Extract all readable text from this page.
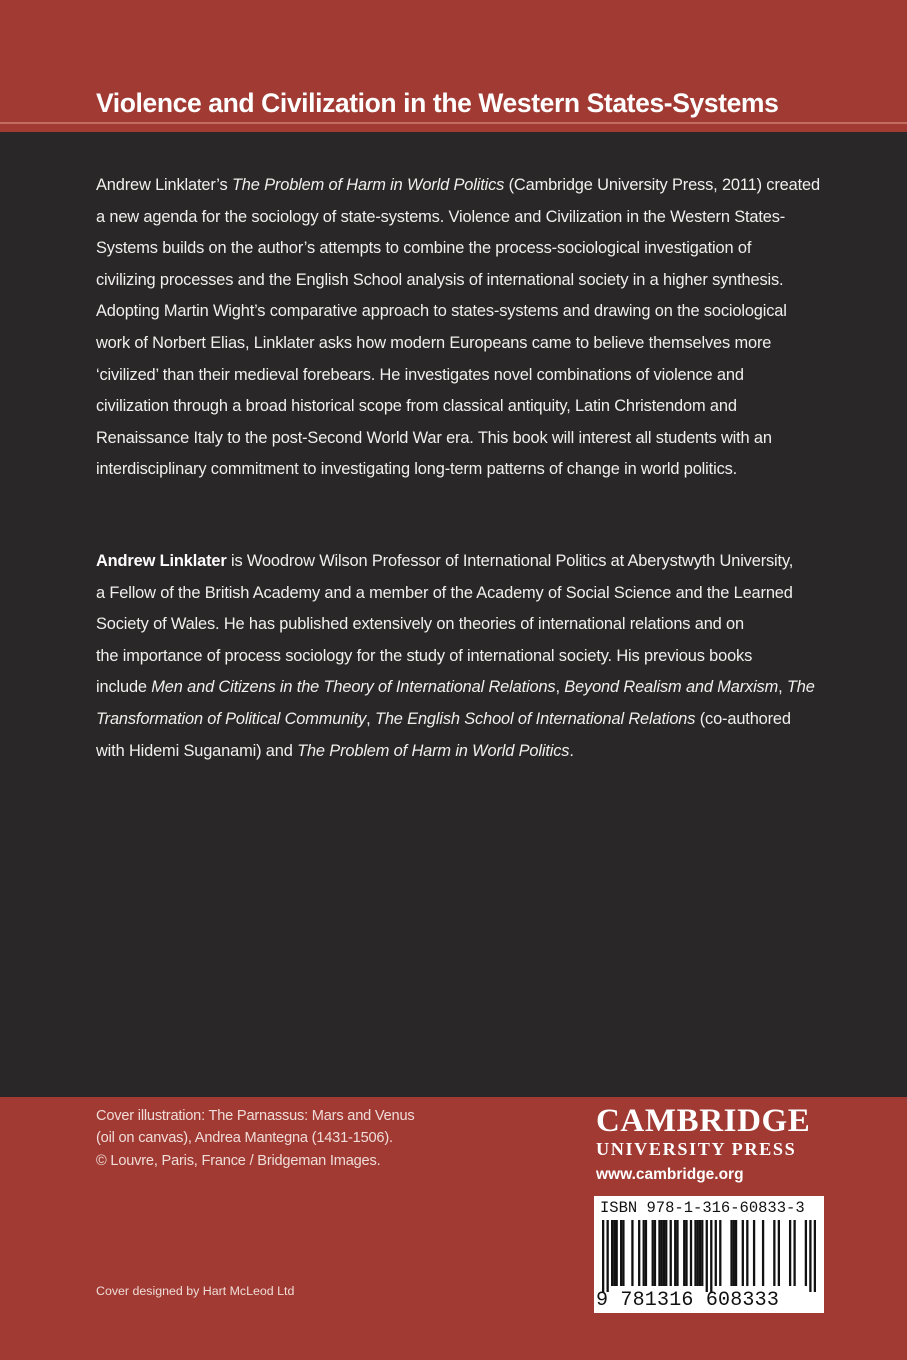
Violence and Civilization in the Western States-Systems
Andrew Linklater’s The Problem of Harm in World Politics (Cambridge University Press, 2011) created
a new agenda for the sociology of state-systems. Violence and Civilization in the Western States-
Systems builds on the author’s attempts to combine the process-sociological investigation of
civilizing processes and the English School analysis of international society in a higher synthesis.
Adopting Martin Wight’s comparative approach to states-systems and drawing on the sociological
work of Norbert Elias, Linklater asks how modern Europeans came to believe themselves more
‘civilized’ than their medieval forebears. He investigates novel combinations of violence and
civilization through a broad historical scope from classical antiquity, Latin Christendom and
Renaissance Italy to the post-Second World War era. This book will interest all students with an
interdisciplinary commitment to investigating long-term patterns of change in world politics.
Andrew Linklater is Woodrow Wilson Professor of International Politics at Aberystwyth University,
a Fellow of the British Academy and a member of the Academy of Social Science and the Learned
Society of Wales. He has published extensively on theories of international relations and on
the importance of process sociology for the study of international society. His previous books
include Men and Citizens in the Theory of International Relations, Beyond Realism and Marxism, The
Transformation of Political Community, The English School of International Relations (co-authored
with Hidemi Suganami) and The Problem of Harm in World Politics.
Cover illustration: The Parnassus: Mars and Venus
(oil on canvas), Andrea Mantegna (1431-1506).
© Louvre, Paris, France / Bridgeman Images.
Cover designed by Hart McLeod Ltd
CAMBRIDGE
UNIVERSITY PRESS
www.cambridge.org
ISBN 978-1-316-60833-3
9 781316 608333
